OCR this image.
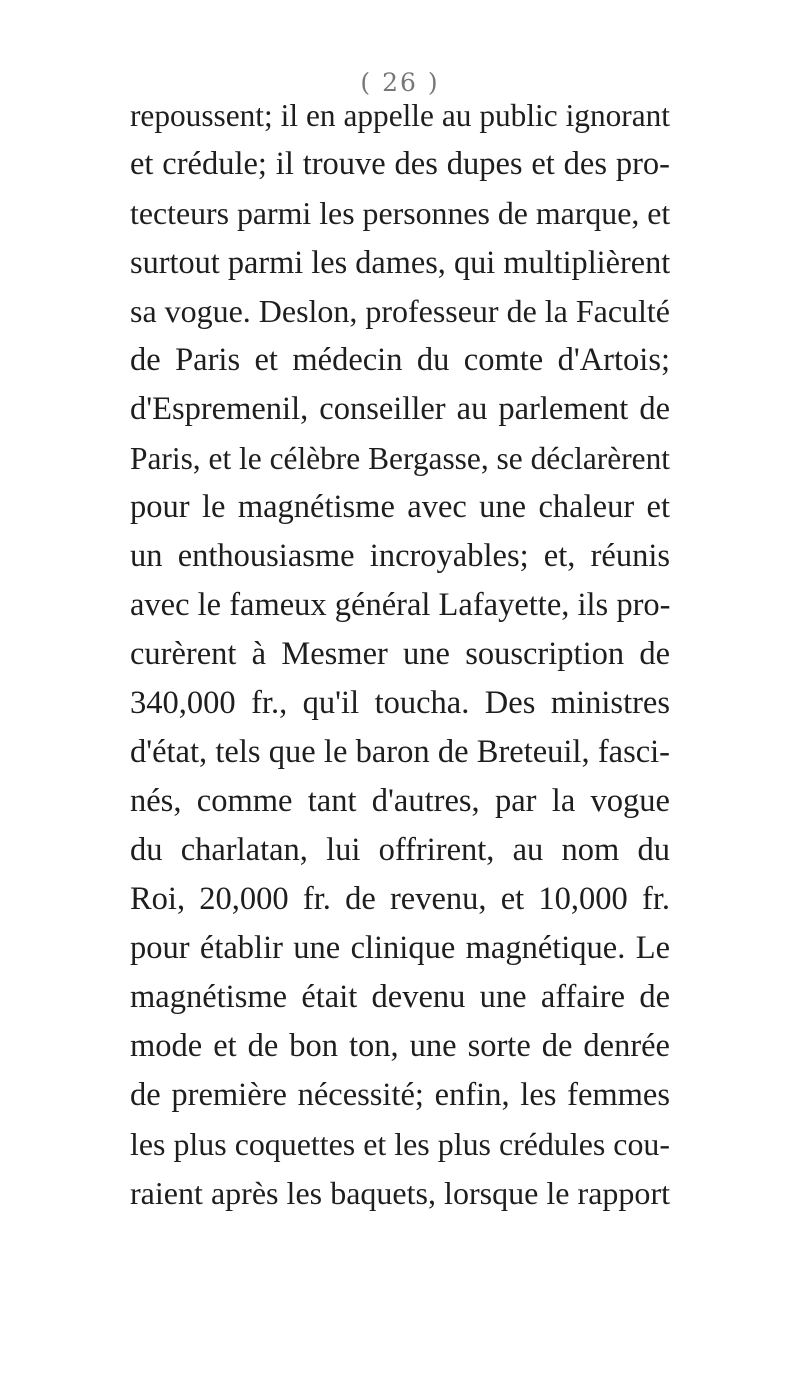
( 26 )
repoussent; il en appelle au public ignorant
et crédule; il trouve des dupes et des pro-
tecteurs parmi les personnes de marque, et
surtout parmi les dames, qui multiplièrent
sa vogue. Deslon, professeur de la Faculté
de Paris et médecin du comte d'Artois;
d'Espremenil, conseiller au parlement de
Paris, et le célèbre Bergasse, se déclarèrent
pour le magnétisme avec une chaleur et
un enthousiasme incroyables; et, réunis
avec le fameux général Lafayette, ils pro-
curèrent à Mesmer une souscription de
340,000 fr., qu'il toucha. Des ministres
d'état, tels que le baron de Breteuil, fasci-
nés, comme tant d'autres, par la vogue
du charlatan, lui offrirent, au nom du
Roi, 20,000 fr. de revenu, et 10,000 fr.
pour établir une clinique magnétique. Le
magnétisme était devenu une affaire de
mode et de bon ton, une sorte de denrée
de première nécessité; enfin, les femmes
les plus coquettes et les plus crédules cou-
raient après les baquets, lorsque le rapport
